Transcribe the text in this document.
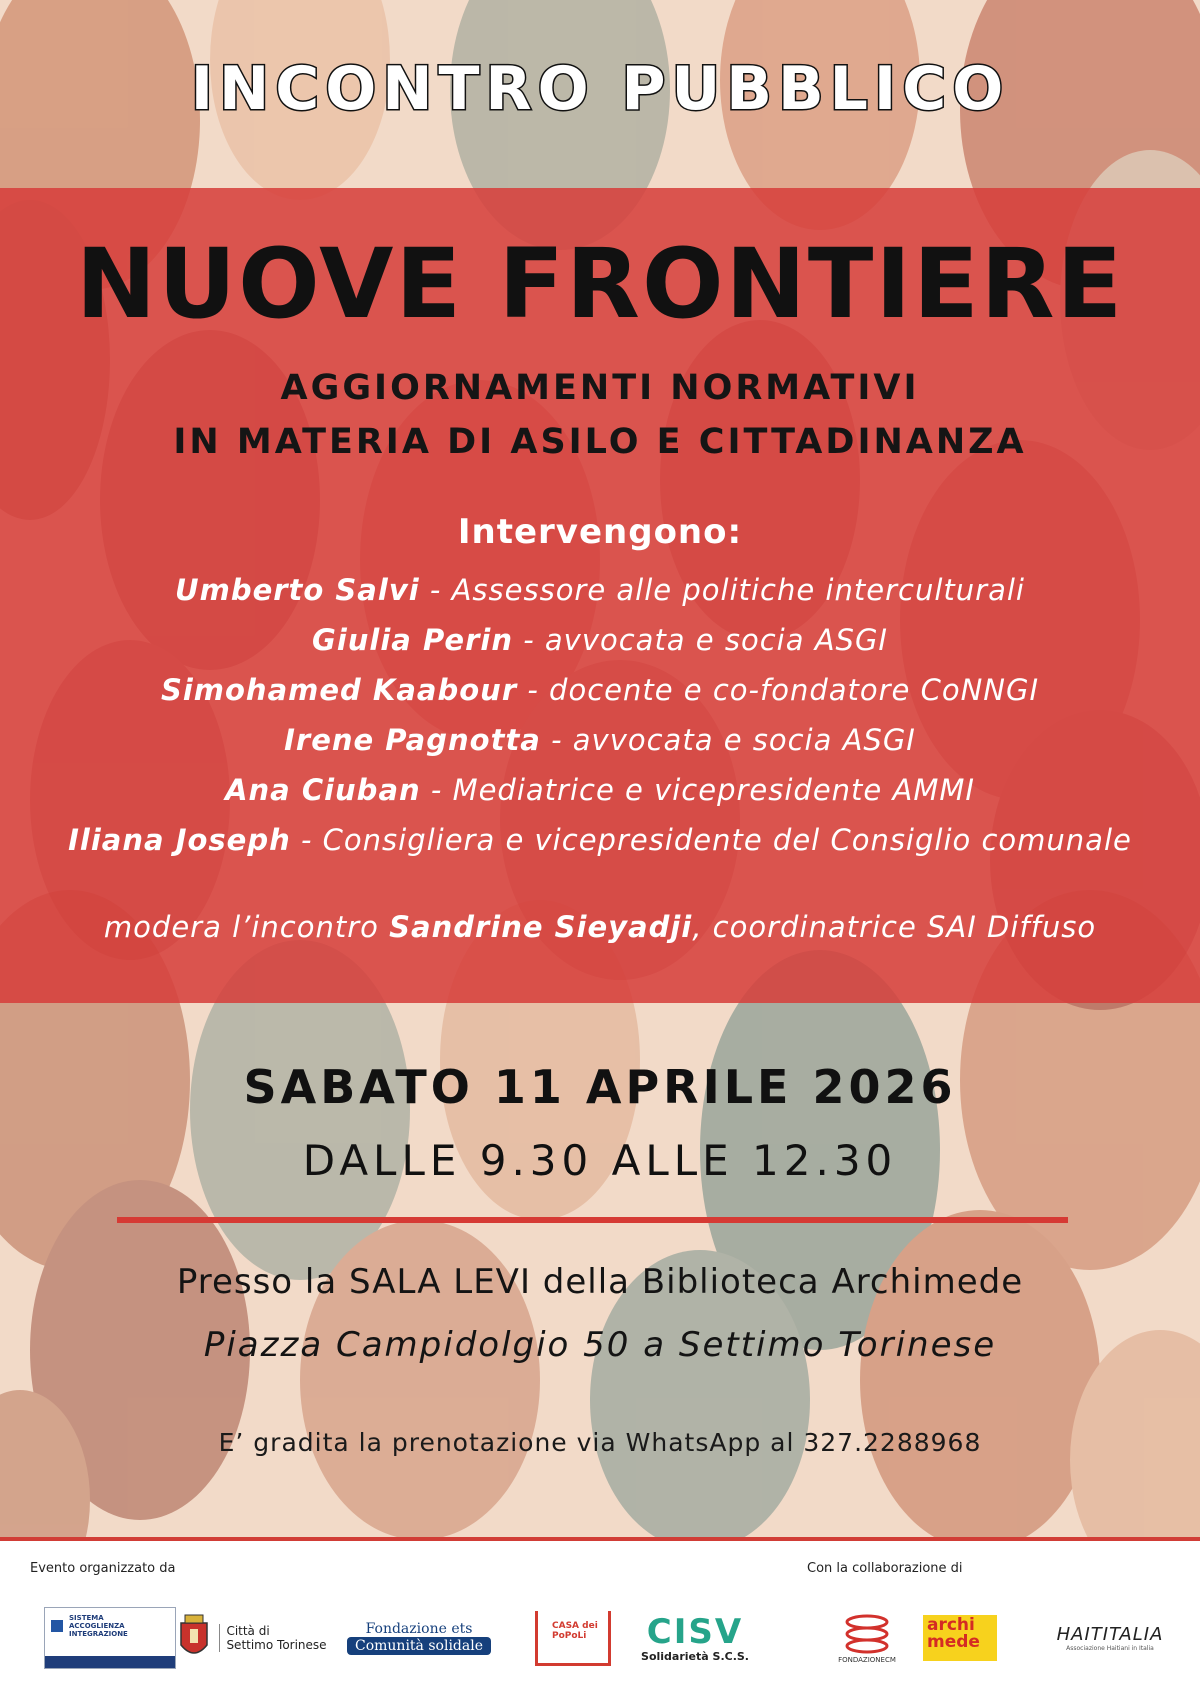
INCONTRO PUBBLICO
NUOVE FRONTIERE
AGGIORNAMENTI NORMATIVI
IN MATERIA DI ASILO E CITTADINANZA
Intervengono:
Umberto Salvi - Assessore alle politiche interculturali
Giulia Perin - avvocata e socia ASGI
Simohamed Kaabour - docente e co-fondatore CoNNGI
Irene Pagnotta - avvocata e socia ASGI
Ana Ciuban - Mediatrice e vicepresidente AMMI
Iliana Joseph - Consigliera e vicepresidente del Consiglio comunale
modera l’incontro Sandrine Sieyadji, coordinatrice SAI Diffuso
SABATO 11 APRILE 2026
DALLE 9.30 ALLE 12.30
Presso la SALA LEVI della Biblioteca Archimede
Piazza Campidolgio 50 a Settimo Torinese
E’ gradita la prenotazione via WhatsApp al 327.2288968
Evento organizzato da	Con la collaborazione di
SISTEMA
ACCOGLIENZA
INTEGRAZIONE	Città di
Settimo Torinese
Fondazione ets
Comunità solidale
CASA dei
PoPoLi	CISV
Solidarietà S.C.S.	FONDAZIONECM
archi
mede	HAITITALIA
Associazione Haitiani in Italia
